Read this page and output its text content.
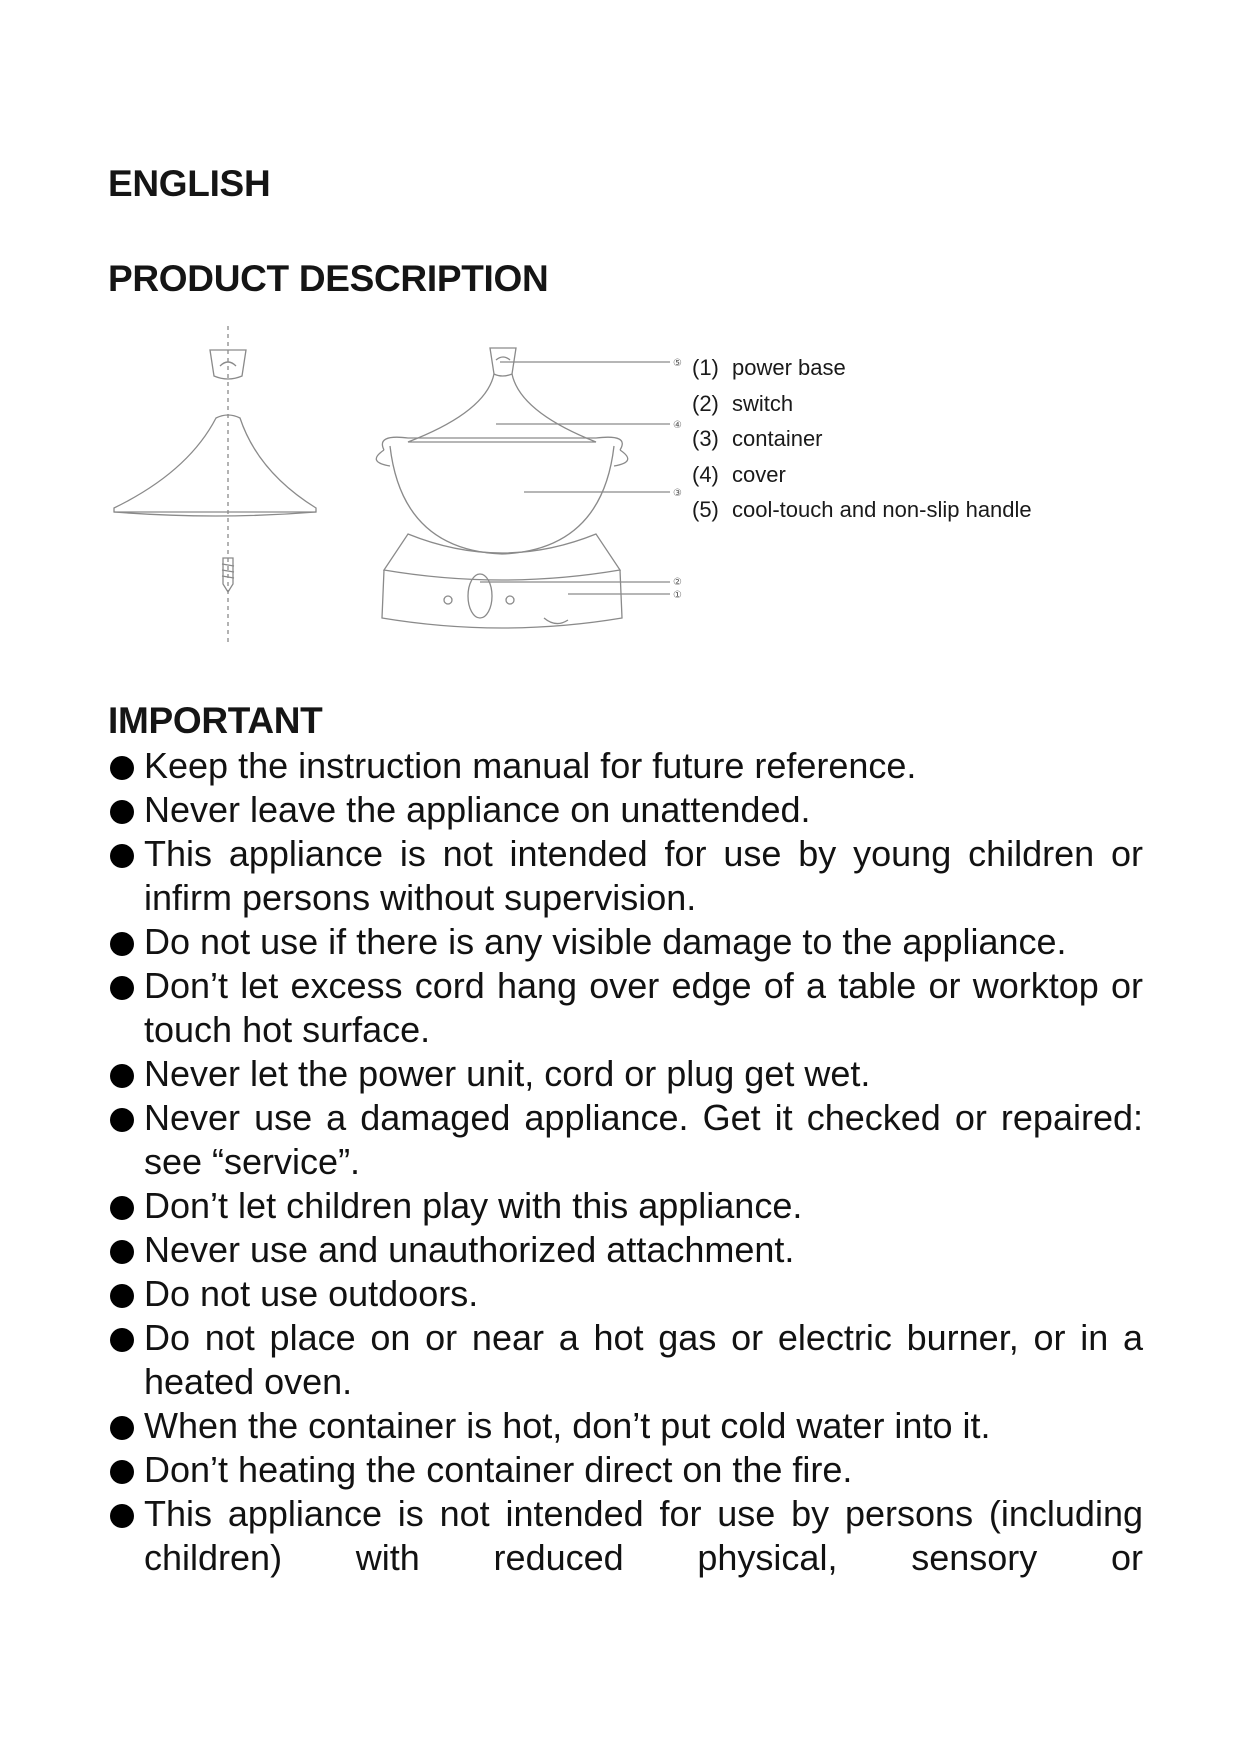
ENGLISH
PRODUCT DESCRIPTION
⑤
④
③
②
①
(1) power base
(2) switch
(3) container
(4) cover
(5) cool-touch and non-slip handle
IMPORTANT
Keep the instruction manual for future reference.
Never leave the appliance on unattended.
This appliance is not intended for use by young children or infirm persons without supervision.
Do not use if there is any visible damage to the appliance.
Don’t let excess cord hang over edge of a table or worktop or touch hot surface.
Never let the power unit, cord or plug get wet.
Never use a damaged appliance. Get it checked or repaired: see “service”.
Don’t let children play with this appliance.
Never use and unauthorized attachment.
Do not use outdoors.
Do not place on or near a hot gas or electric burner, or in a heated oven.
When the container is hot, don’t put cold water into it.
Don’t heating the container direct on the fire.
This appliance is not intended for use by persons (including children) with reduced physical, sensory or
